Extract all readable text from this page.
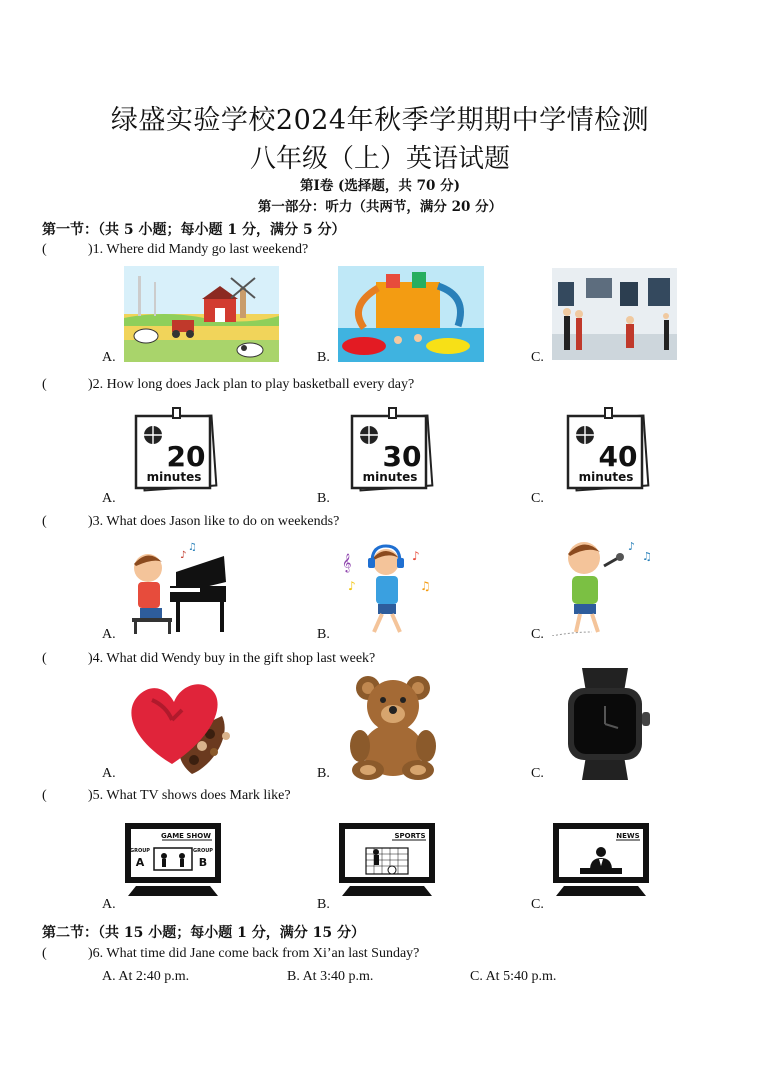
绿盛实验学校2024年秋季学期期中学情检测
八年级（上）英语试题
第Ⅰ卷 (选择题，共 70 分)
第一部分：听力（共两节，满分 20 分）
第一节：（共 5 小题；每小题 1 分，满分 5 分）
(	)1. Where did Mandy go last weekend?
A.	B.	C.
(	)2. How long does Jack plan to play basketball every day?
20
minutes
30
minutes
40
minutes
A.	B.	C.
(	)3. What does Jason like to do on weekends?
♪
♫
𝄞	♪
♫
♪
♪
♫
A.	B.	C.
(	)4. What did Wendy buy in the gift shop last week?
A.	B.	C.
(	)5. What TV shows does Mark like?
GAME SHOW
GROUP
A
GROUP
B
SPORTS	NEWS
A.	B.	C.
第二节：（共 15 小题；每小题 1 分，满分 15 分）
(	)6. What time did Jane come back from Xi’an last Sunday?
A. At 2:40 p.m.	B. At 3:40 p.m.	C. At 5:40 p.m.
